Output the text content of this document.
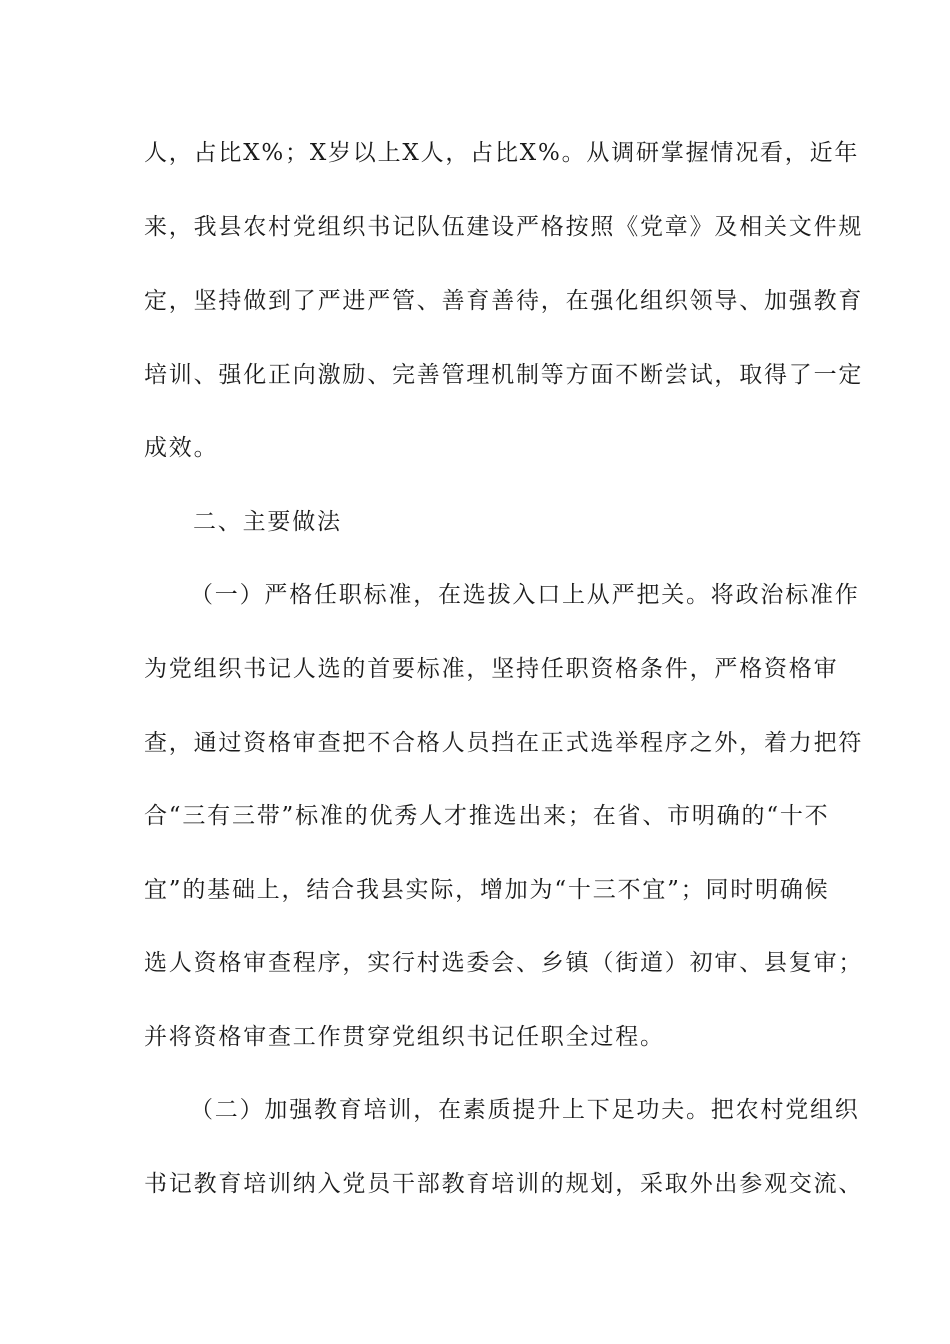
人，占比X%；X岁以上X人，占比X%。从调研掌握情况看，近年
来，我县农村党组织书记队伍建设严格按照《党章》及相关文件规
定，坚持做到了严进严管、善育善待，在强化组织领导、加强教育
培训、强化正向激励、完善管理机制等方面不断尝试，取得了一定
成效。
二、主要做法
（一）严格任职标准，在选拔入口上从严把关。将政治标准作
为党组织书记人选的首要标准，坚持任职资格条件，严格资格审
查，通过资格审查把不合格人员挡在正式选举程序之外，着力把符
合“三有三带”标准的优秀人才推选出来；在省、市明确的“十不
宜”的基础上，结合我县实际，增加为“十三不宜”；同时明确候
选人资格审查程序，实行村选委会、乡镇（街道）初审、县复审；
并将资格审查工作贯穿党组织书记任职全过程。
（二）加强教育培训，在素质提升上下足功夫。把农村党组织
书记教育培训纳入党员干部教育培训的规划，采取外出参观交流、
